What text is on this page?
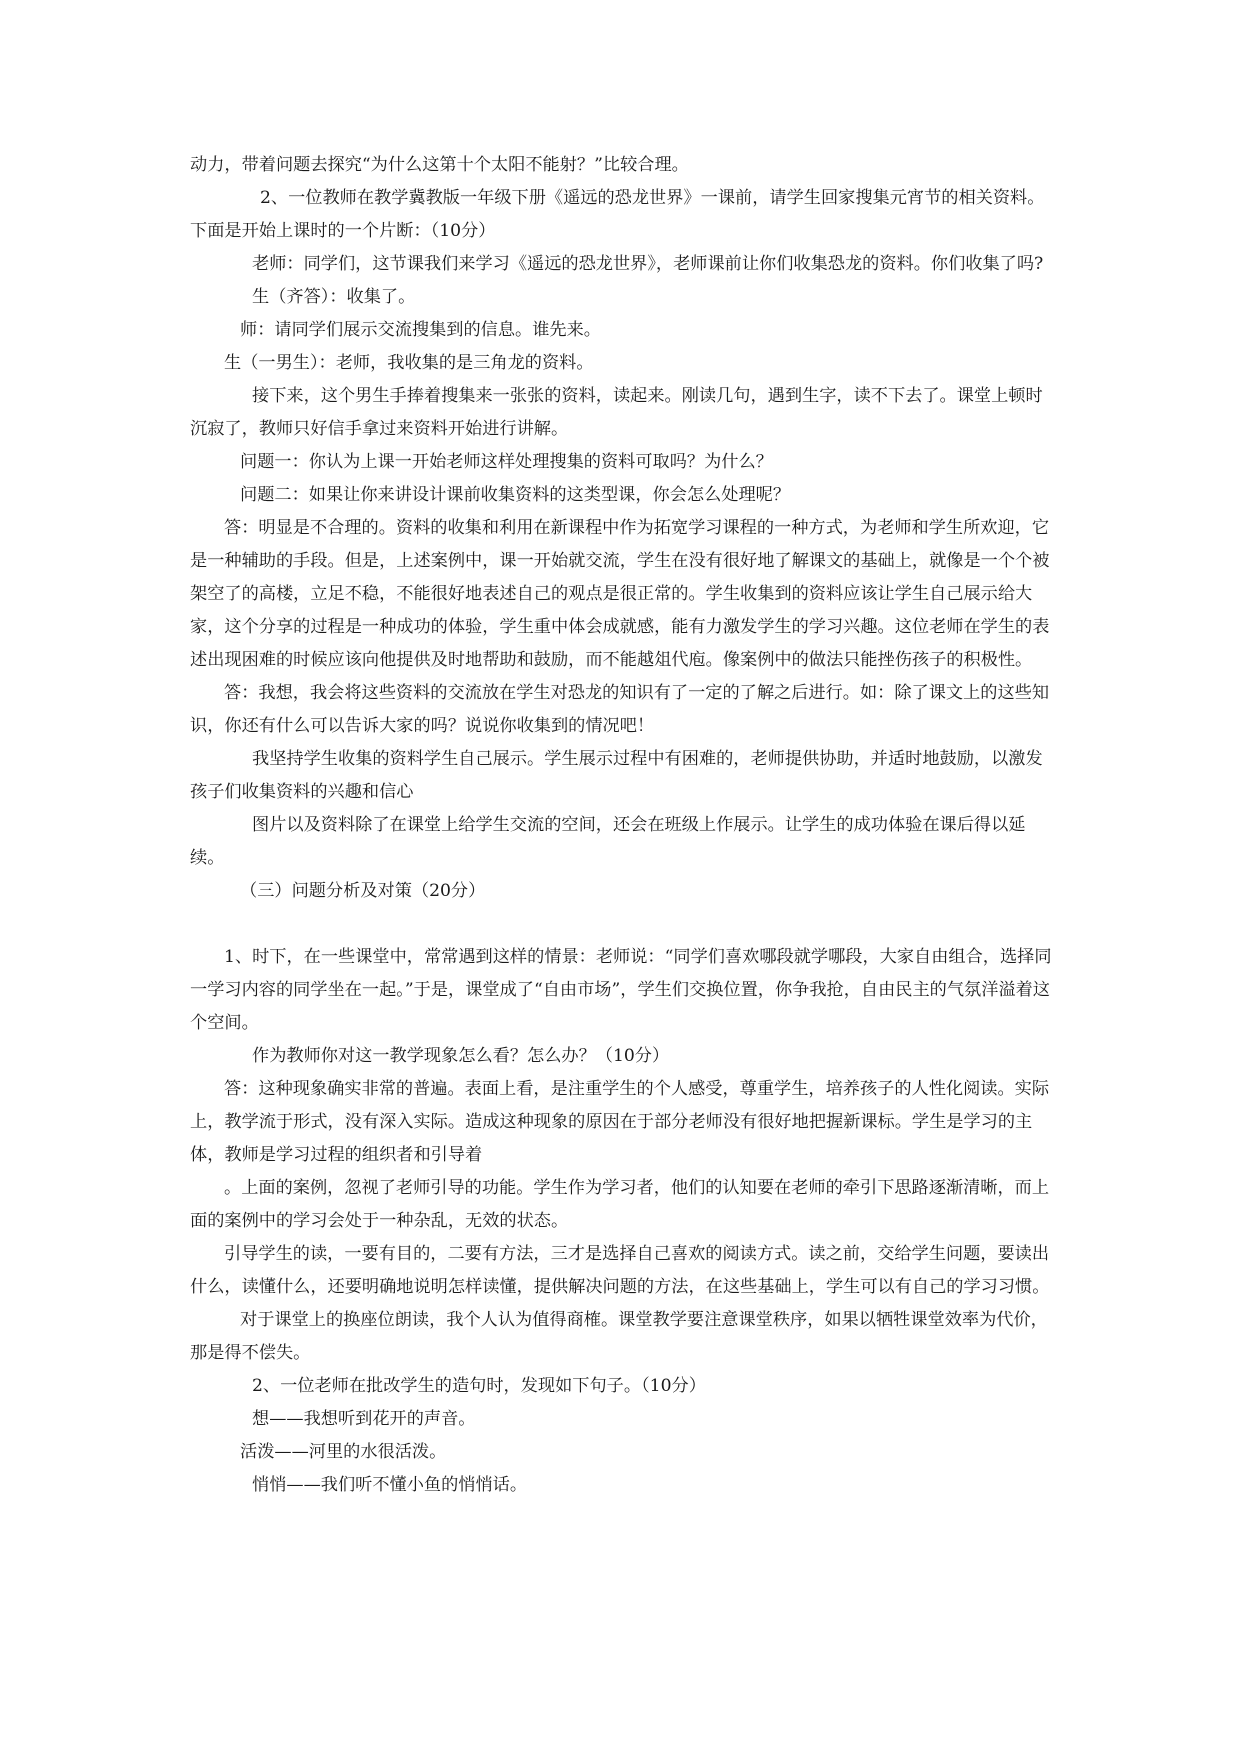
动力，带着问题去探究“为什么这第十个太阳不能射？”比较合理。

2、一位教师在教学冀教版一年级下册《遥远的恐龙世界》一课前，请学生回家搜集元宵节的相关资料。下面是开始上课时的一个片断：（10分）

老师：同学们，这节课我们来学习《遥远的恐龙世界》，老师课前让你们收集恐龙的资料。你们收集了吗?

生（齐答）：收集了。

师：请同学们展示交流搜集到的信息。谁先来。

生（一男生）：老师，我收集的是三角龙的资料。

接下来，这个男生手捧着搜集来一张张的资料，读起来。刚读几句，遇到生字，读不下去了。课堂上顿时沉寂了，教师只好信手拿过来资料开始进行讲解。

问题一：你认为上课一开始老师这样处理搜集的资料可取吗？为什么？

问题二：如果让你来讲设计课前收集资料的这类型课，你会怎么处理呢？

答：明显是不合理的。资料的收集和利用在新课程中作为拓宽学习课程的一种方式，为老师和学生所欢迎，它是一种辅助的手段。但是，上述案例中，课一开始就交流，学生在没有很好地了解课文的基础上，就像是一个个被架空了的高楼，立足不稳，不能很好地表述自己的观点是很正常的。学生收集到的资料应该让学生自己展示给大家，这个分享的过程是一种成功的体验，学生重中体会成就感，能有力激发学生的学习兴趣。这位老师在学生的表述出现困难的时候应该向他提供及时地帮助和鼓励，而不能越俎代庖。像案例中的做法只能挫伤孩子的积极性。

答：我想，我会将这些资料的交流放在学生对恐龙的知识有了一定的了解之后进行。如：除了课文上的这些知识，你还有什么可以告诉大家的吗？说说你收集到的情况吧！

我坚持学生收集的资料学生自己展示。学生展示过程中有困难的，老师提供协助，并适时地鼓励，以激发孩子们收集资料的兴趣和信心

图片以及资料除了在课堂上给学生交流的空间，还会在班级上作展示。让学生的成功体验在课后得以延续。

（三）问题分析及对策（20分）

1、时下，在一些课堂中，常常遇到这样的情景：老师说：“同学们喜欢哪段就学哪段，大家自由组合，选择同一学习内容的同学坐在一起。”于是，课堂成了“自由市场”，学生们交换位置，你争我抢，自由民主的气氛洋溢着这个空间。

作为教师你对这一教学现象怎么看？怎么办？（10分）

答：这种现象确实非常的普遍。表面上看，是注重学生的个人感受，尊重学生，培养孩子的人性化阅读。实际上，教学流于形式，没有深入实际。造成这种现象的原因在于部分老师没有很好地把握新课标。学生是学习的主体，教师是学习过程的组织者和引导着

。上面的案例，忽视了老师引导的功能。学生作为学习者，他们的认知要在老师的牵引下思路逐渐清晰，而上面的案例中的学习会处于一种杂乱，无效的状态。

引导学生的读，一要有目的，二要有方法，三才是选择自己喜欢的阅读方式。读之前，交给学生问题，要读出什么，读懂什么，还要明确地说明怎样读懂，提供解决问题的方法，在这些基础上，学生可以有自己的学习习惯。

对于课堂上的换座位朗读，我个人认为值得商榷。课堂教学要注意课堂秩序，如果以牺牲课堂效率为代价，那是得不偿失。

2、一位老师在批改学生的造句时，发现如下句子。（10分）

想——我想听到花开的声音。

活泼——河里的水很活泼。

悄悄——我们听不懂小鱼的悄悄话。
